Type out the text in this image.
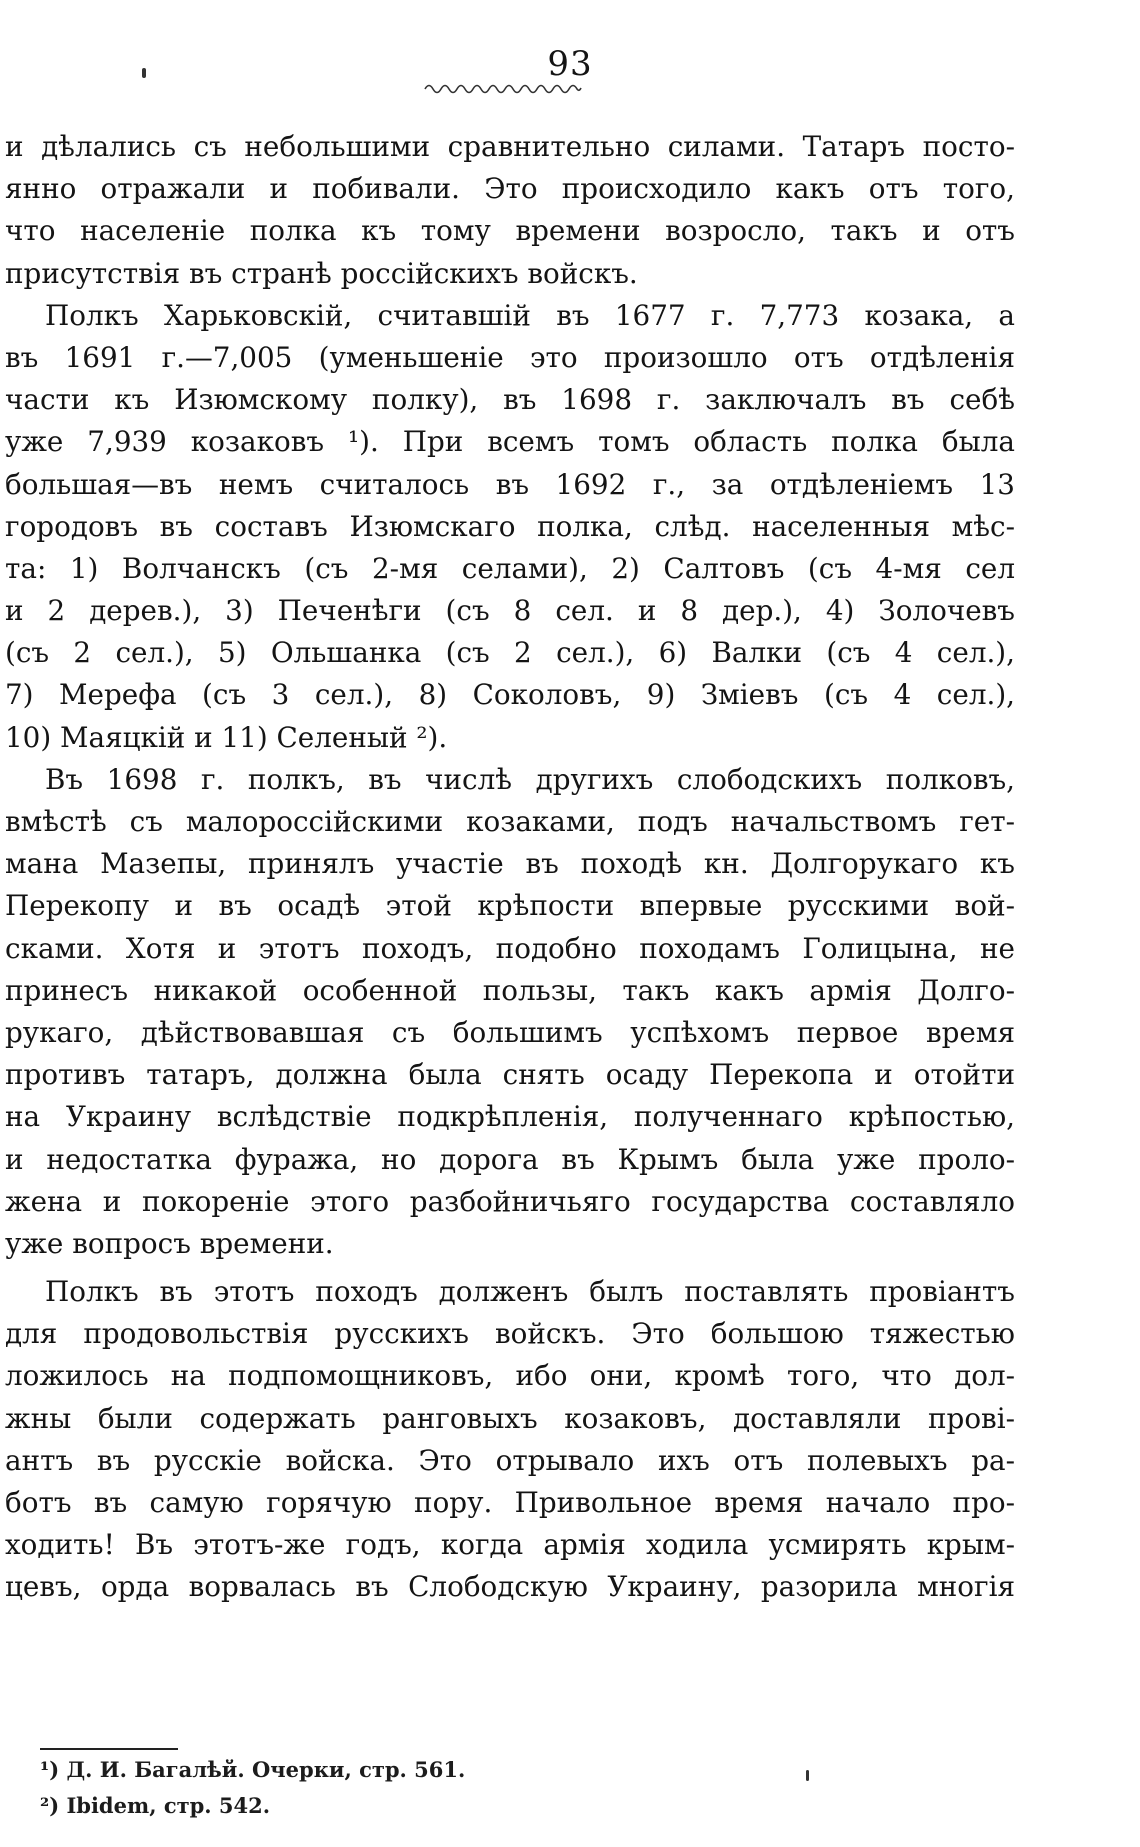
93
и дѣлались съ небольшими сравнительно силами. Татаръ посто-
янно отражали и побивали. Это происходило какъ отъ того,
что населеніе полка къ тому времени возросло, такъ и отъ
присутствія въ странѣ россійскихъ войскъ.
Полкъ Харьковскій, считавшій въ 1677 г. 7,773 козака, а
въ 1691 г.—7,005 (уменьшеніе это произошло отъ отдѣленія
части къ Изюмскому полку), въ 1698 г. заключалъ въ себѣ
уже 7,939 козаковъ ¹). При всемъ томъ область полка была
большая—въ немъ считалось въ 1692 г., за отдѣленіемъ 13
городовъ въ составъ Изюмскаго полка, слѣд. населенныя мѣс-
та: 1) Волчанскъ (съ 2-мя селами), 2) Салтовъ (съ 4-мя сел
и 2 дерев.), 3) Печенѣги (съ 8 сел. и 8 дер.), 4) Золочевъ
(съ 2 сел.), 5) Ольшанка (съ 2 сел.), 6) Валки (съ 4 сел.),
7) Мерефа (съ 3 сел.), 8) Соколовъ, 9) Зміевъ (съ 4 сел.),
10) Маяцкій и 11) Селеный ²).
Въ 1698 г. полкъ, въ числѣ другихъ слободскихъ полковъ,
вмѣстѣ съ малороссійскими козаками, подъ начальствомъ гет-
мана Мазепы, принялъ участіе въ походѣ кн. Долгорукаго къ
Перекопу и въ осадѣ этой крѣпости впервые русскими вой-
сками. Хотя и этотъ походъ, подобно походамъ Голицына, не
принесъ никакой особенной пользы, такъ какъ армія Долго-
рукаго, дѣйствовавшая съ большимъ успѣхомъ первое время
противъ татаръ, должна была снять осаду Перекопа и отойти
на Украину вслѣдствіе подкрѣпленія, полученнаго крѣпостью,
и недостатка фуража, но дорога въ Крымъ была уже проло-
жена и покореніе этого разбойничьяго государства составляло
уже вопросъ времени.
Полкъ въ этотъ походъ долженъ былъ поставлять провіантъ
для продовольствія русскихъ войскъ. Это большою тяжестью
ложилось на подпомощниковъ, ибо они, кромѣ того, что дол-
жны были содержать ранговыхъ козаковъ, доставляли прові-
антъ въ русскіе войска. Это отрывало ихъ отъ полевыхъ ра-
ботъ въ самую горячую пору. Привольное время начало про-
ходить! Въ этотъ-же годъ, когда армія ходила усмирять крым-
цевъ, орда ворвалась въ Слободскую Украину, разорила многія
¹) Д. И. Багалѣй. Очерки, стр. 561.
²) Ibidem, стр. 542.
